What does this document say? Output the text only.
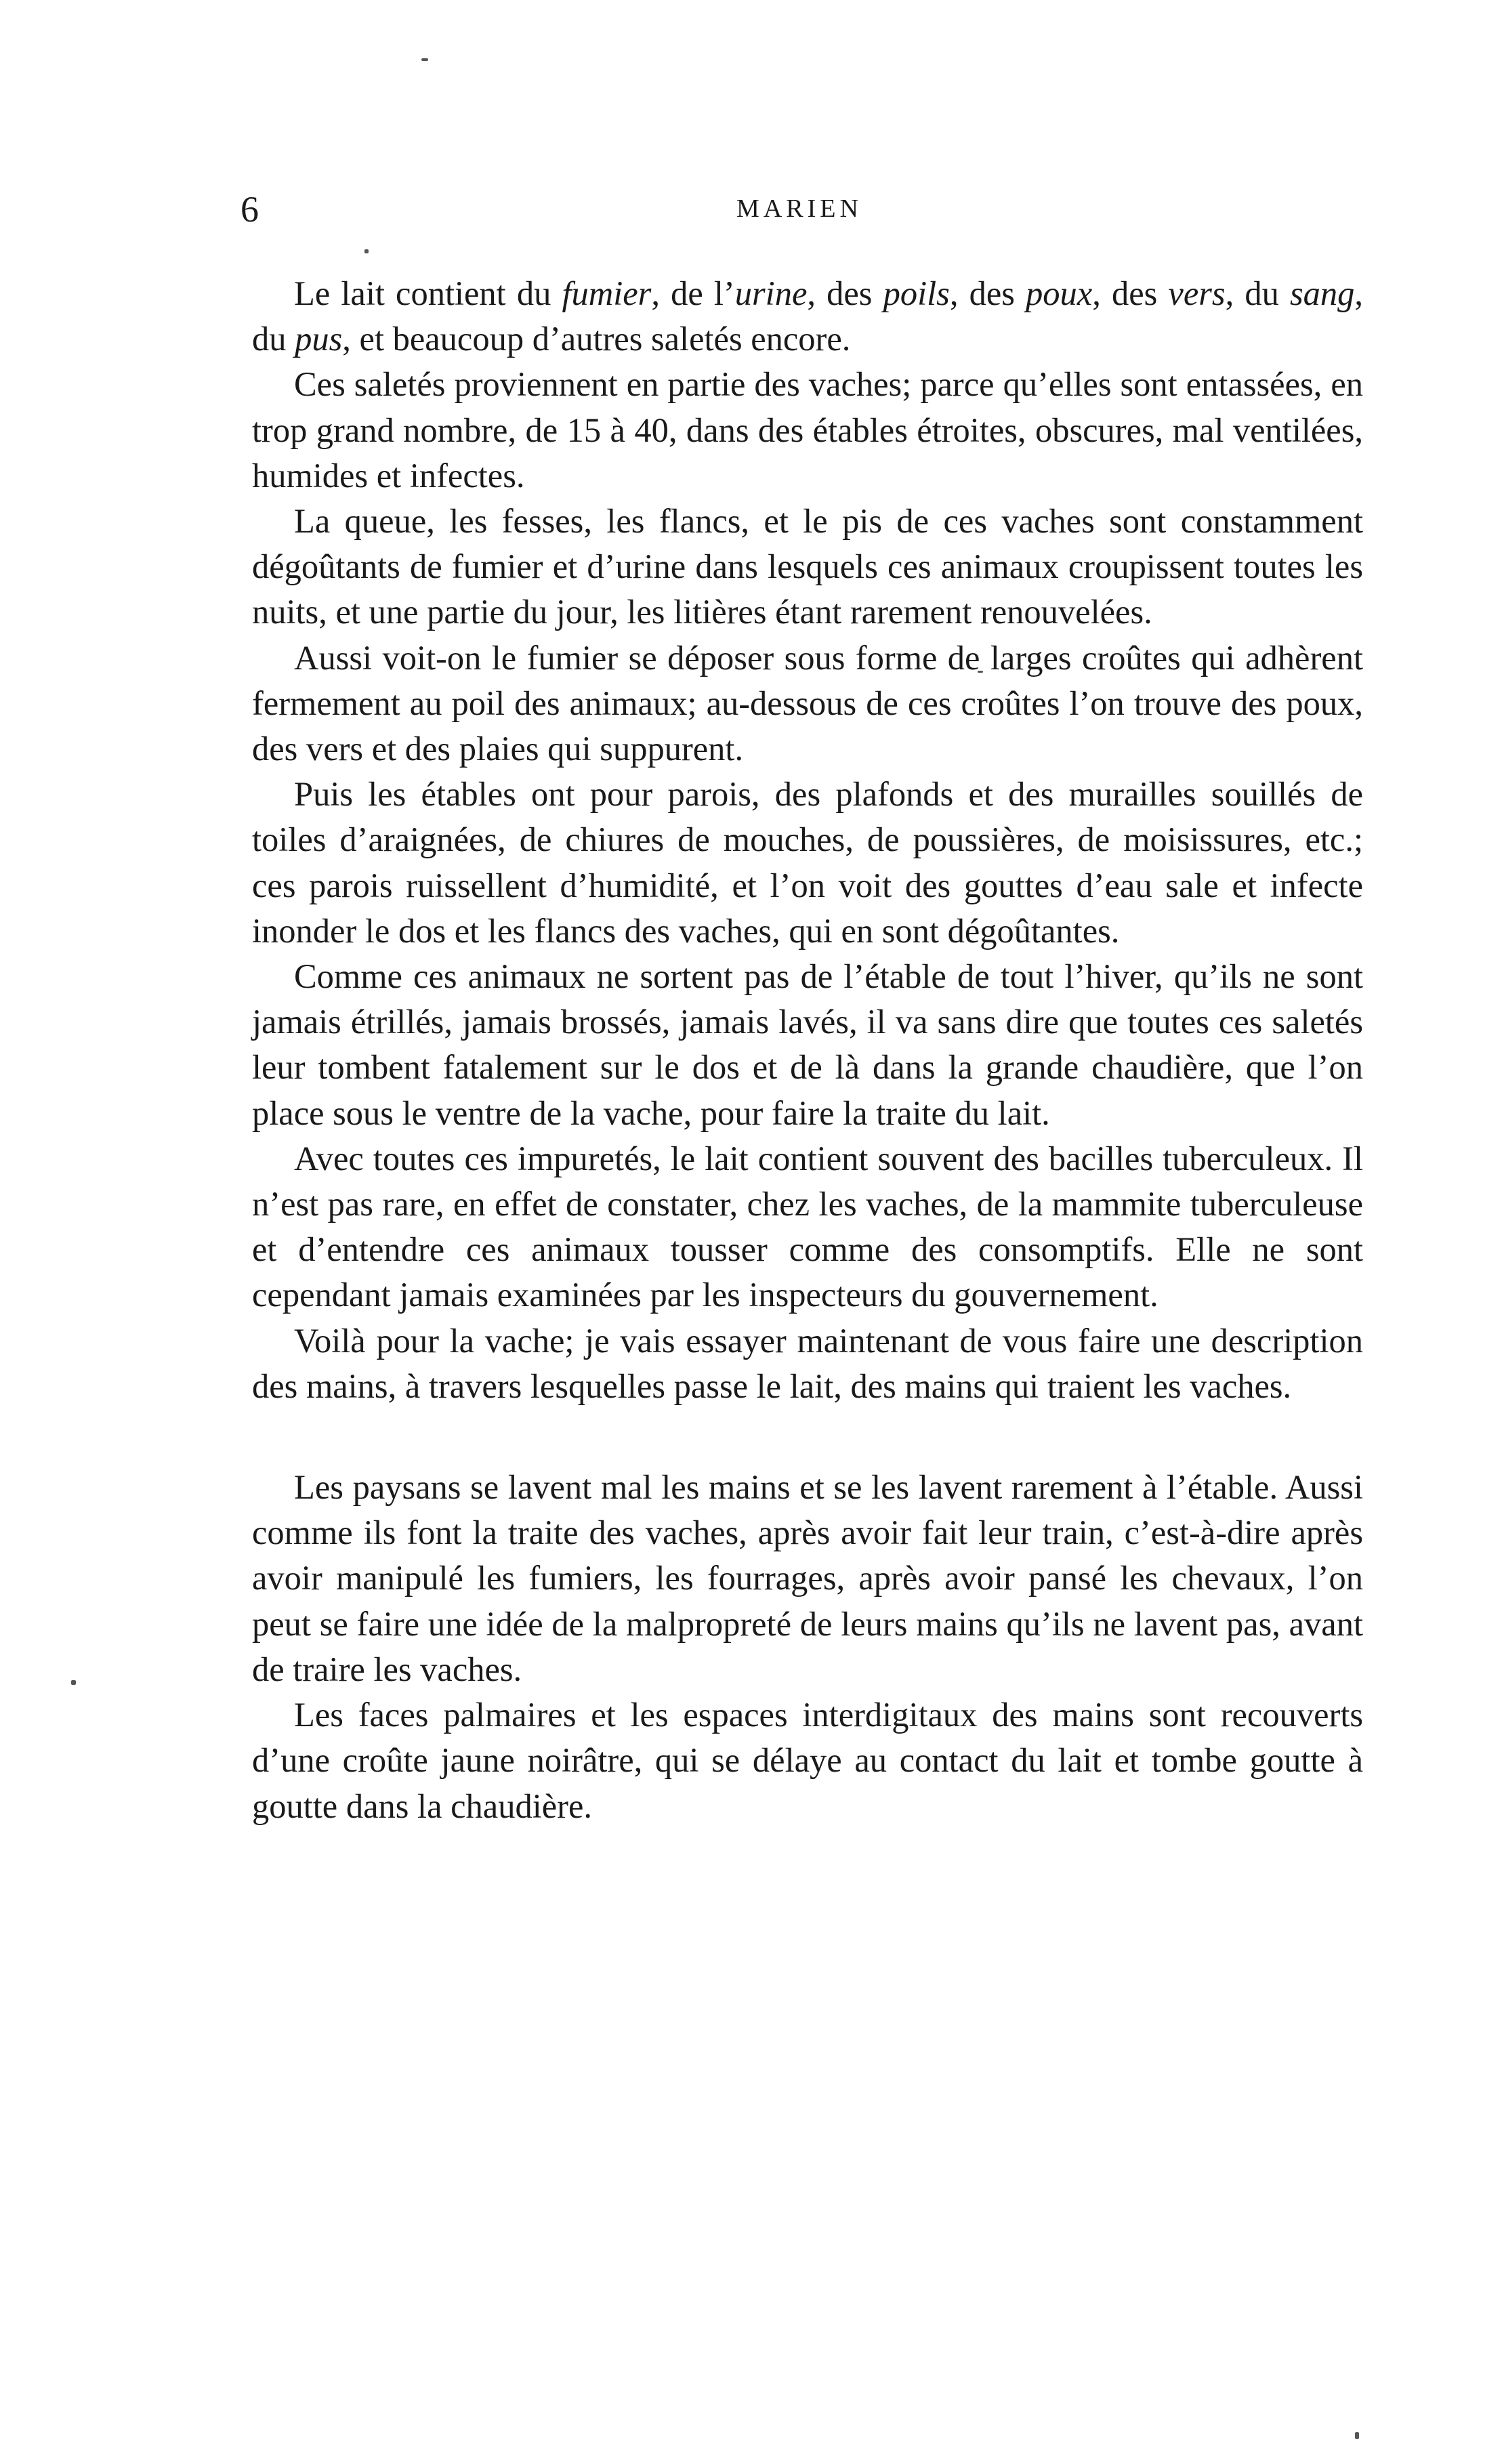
6	MARIEN

Le lait contient du fumier, de l’urine, des poils, des poux, des vers, du sang, du pus, et beaucoup d’autres saletés encore.

Ces saletés proviennent en partie des vaches; parce qu’elles sont entassées, en trop grand nombre, de 15 à 40, dans des étables étroites, obscures, mal ventilées, humides et infectes.

La queue, les fesses, les flancs, et le pis de ces vaches sont constamment dégoûtants de fumier et d’urine dans lesquels ces animaux croupissent toutes les nuits, et une partie du jour, les litières étant rarement renouvelées.

Aussi voit-on le fumier se déposer sous forme de larges croûtes qui adhèrent fermement au poil des animaux; au-dessous de ces croûtes l’on trouve des poux, des vers et des plaies qui suppurent.

Puis les étables ont pour parois, des plafonds et des murailles souillés de toiles d’araignées, de chiures de mouches, de poussières, de moisissures, etc.; ces parois ruissellent d’humidité, et l’on voit des gouttes d’eau sale et infecte inonder le dos et les flancs des vaches, qui en sont dégoûtantes.

Comme ces animaux ne sortent pas de l’étable de tout l’hiver, qu’ils ne sont jamais étrillés, jamais brossés, jamais lavés, il va sans dire que toutes ces saletés leur tombent fatalement sur le dos et de là dans la grande chaudière, que l’on place sous le ventre de la vache, pour faire la traite du lait.

Avec toutes ces impuretés, le lait contient souvent des bacilles tuberculeux. Il n’est pas rare, en effet de constater, chez les vaches, de la mammite tuberculeuse et d’entendre ces animaux tousser comme des consomptifs. Elle ne sont cependant jamais examinées par les inspecteurs du gouvernement.

Voilà pour la vache; je vais essayer maintenant de vous faire une description des mains, à travers lesquelles passe le lait, des mains qui traient les vaches.

Les paysans se lavent mal les mains et se les lavent rarement à l’étable. Aussi comme ils font la traite des vaches, après avoir fait leur train, c’est-à-dire après avoir manipulé les fumiers, les fourrages, après avoir pansé les chevaux, l’on peut se faire une idée de la malpropreté de leurs mains qu’ils ne lavent pas, avant de traire les vaches.

Les faces palmaires et les espaces interdigitaux des mains sont recouverts d’une croûte jaune noirâtre, qui se délaye au contact du lait et tombe goutte à goutte dans la chaudière.
